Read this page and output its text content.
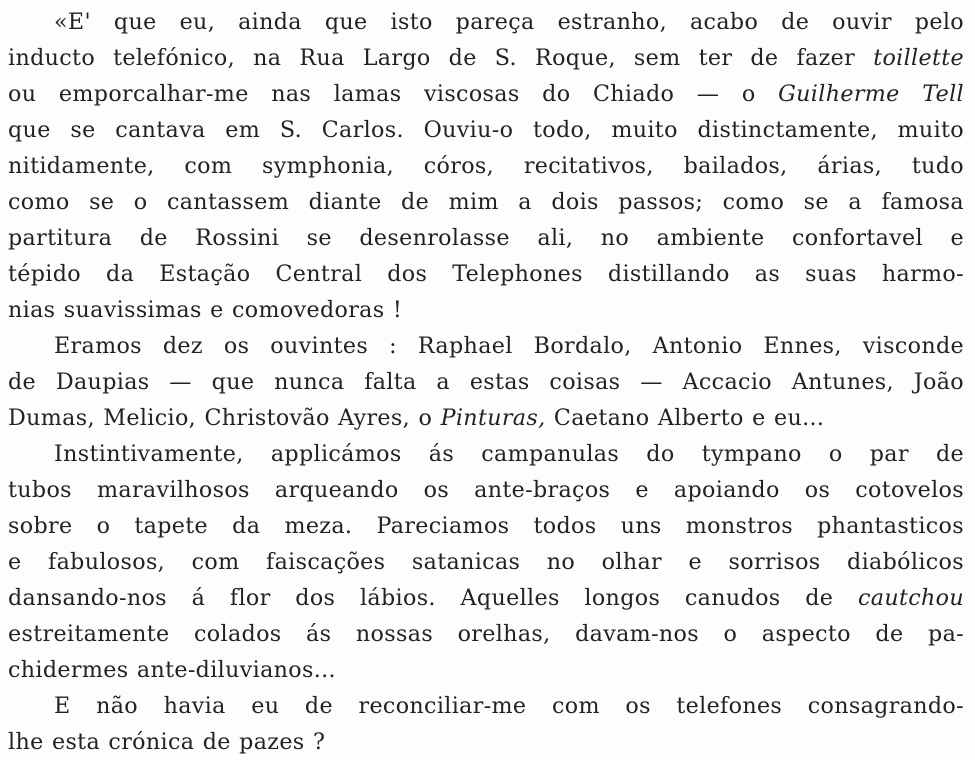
«E' que eu, ainda que isto pareça estranho, acabo de ouvir pelo
inducto telefónico, na Rua Largo de S. Roque, sem ter de fazer toillette
ou emporcalhar-me nas lamas viscosas do Chiado — o Guilherme Tell
que se cantava em S. Carlos. Ouviu-o todo, muito distinctamente, muito
nitidamente, com symphonia, córos, recitativos, bailados, árias, tudo
como se o cantassem diante de mim a dois passos; como se a famosa
partitura de Rossini se desenrolasse ali, no ambiente confortavel e
tépido da Estação Central dos Telephones distillando as suas harmo-
nias suavissimas e comovedoras !
Eramos dez os ouvintes : Raphael Bordalo, Antonio Ennes, visconde
de Daupias — que nunca falta a estas coisas — Accacio Antunes, João
Dumas, Melicio, Christovão Ayres, o Pinturas, Caetano Alberto e eu...
Instintivamente, applicámos ás campanulas do tympano o par de
tubos maravilhosos arqueando os ante-braços e apoiando os cotovelos
sobre o tapete da meza. Pareciamos todos uns monstros phantasticos
e fabulosos, com faiscações satanicas no olhar e sorrisos diabólicos
dansando-nos á flor dos lábios. Aquelles longos canudos de cautchou
estreitamente colados ás nossas orelhas, davam-nos o aspecto de pa-
chidermes ante-diluvianos...
E não havia eu de reconciliar-me com os telefones consagrando-
lhe esta crónica de pazes ?
